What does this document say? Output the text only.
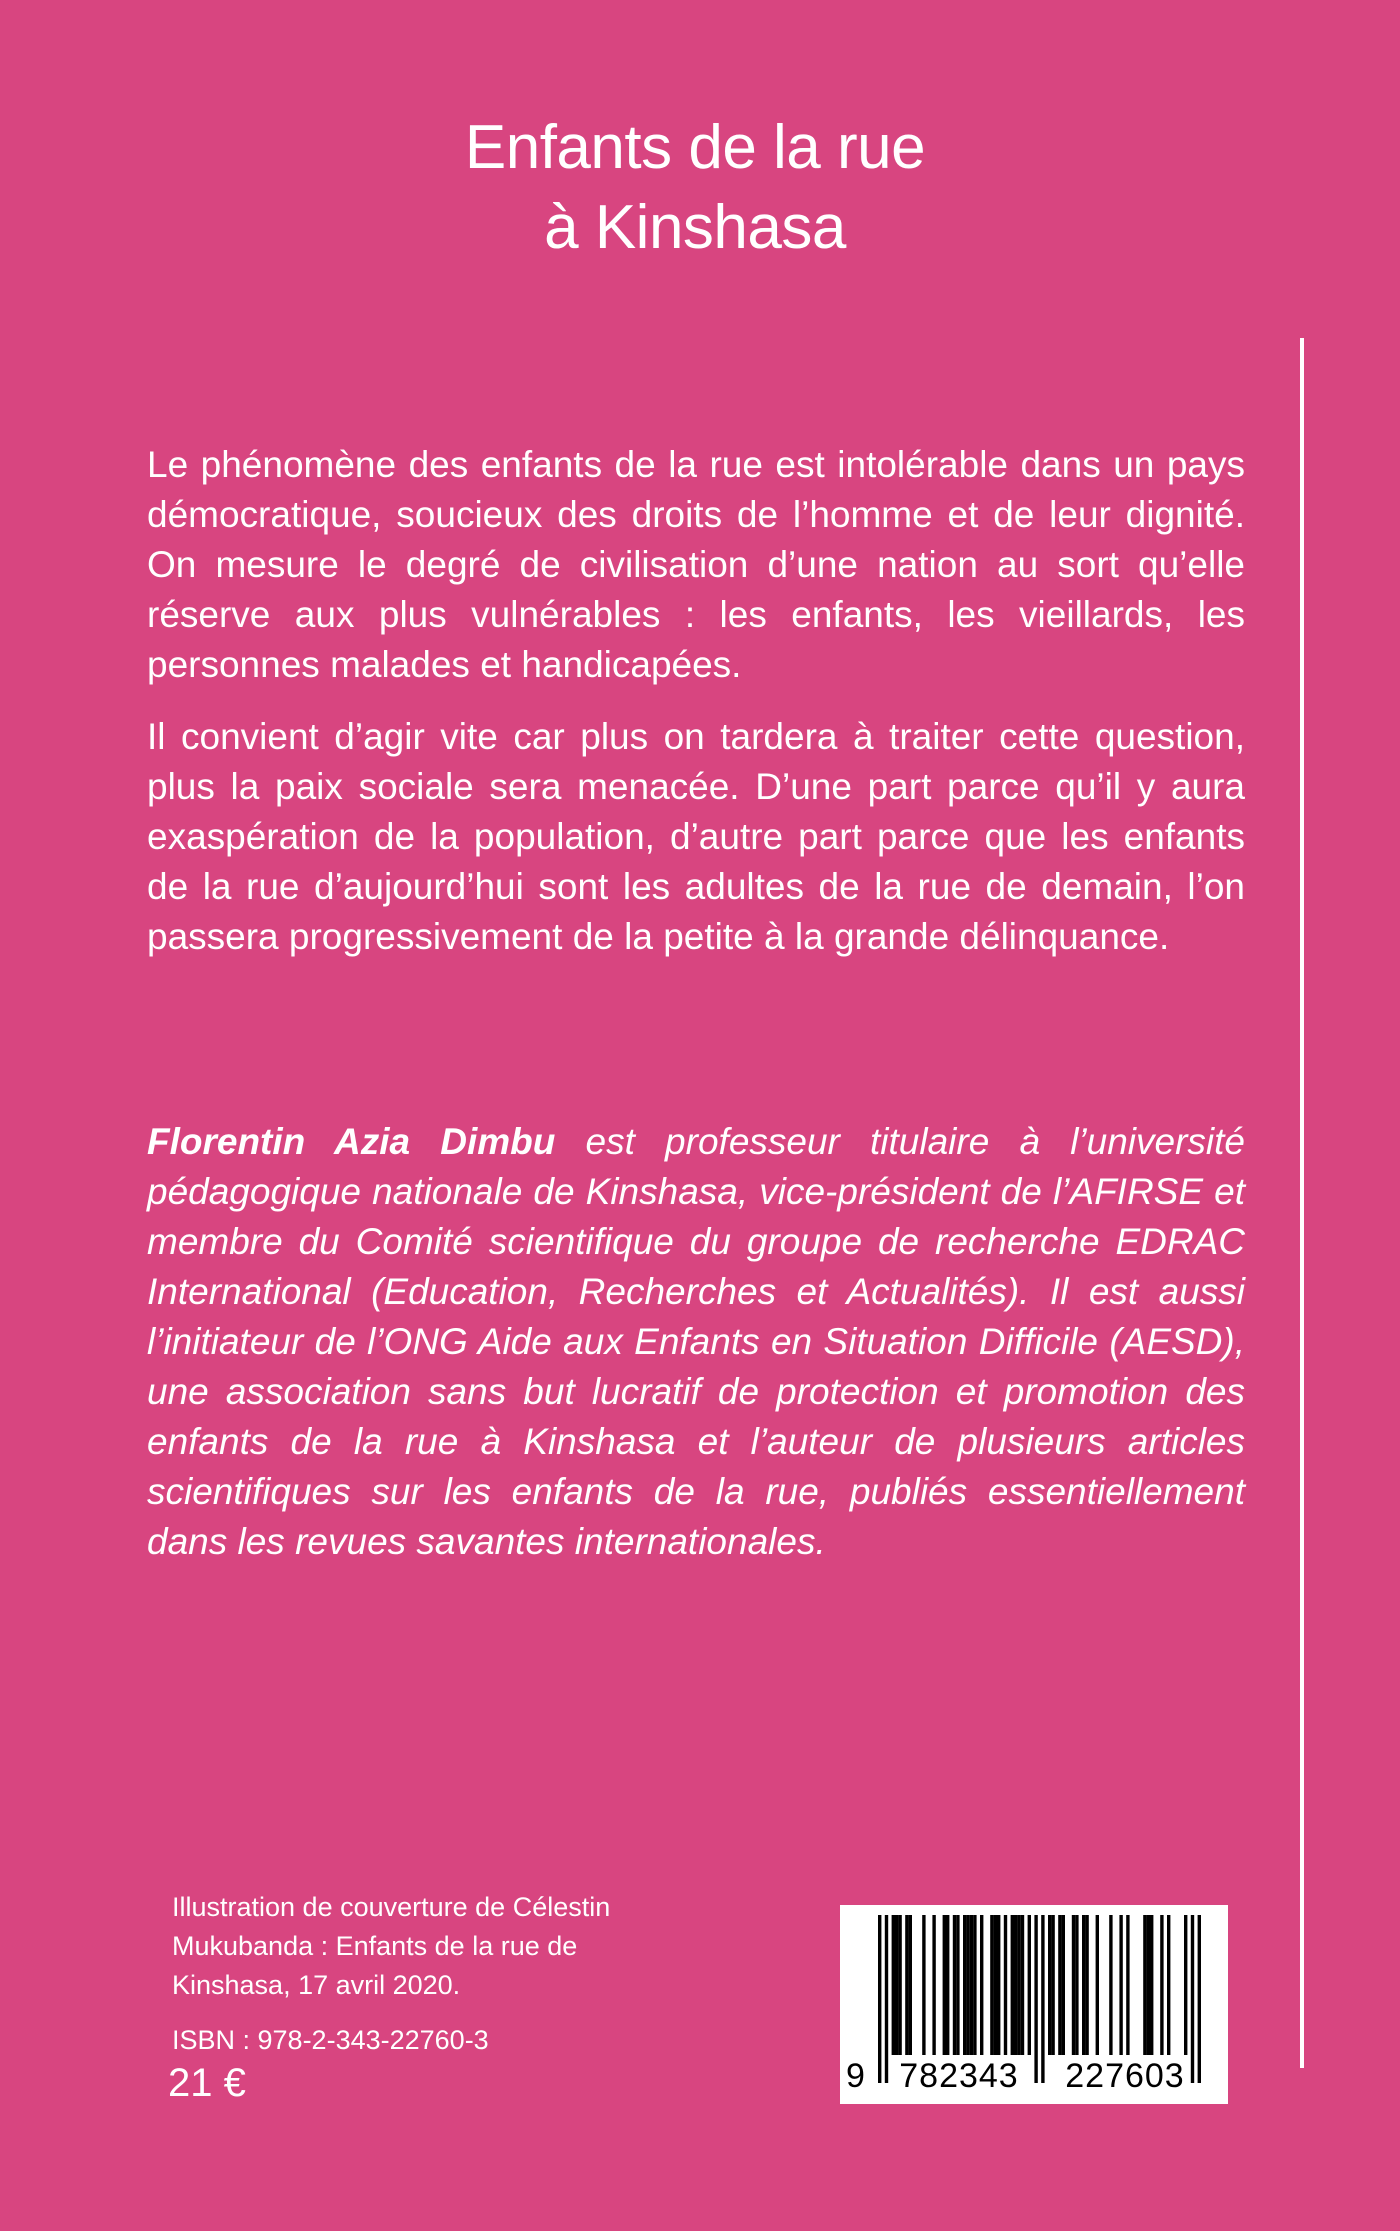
Enfants de la rue
à Kinshasa

Le phénomène des enfants de la rue est intolérable dans un pays démocratique, soucieux des droits de l’homme et de leur dignité. On mesure le degré de civilisation d’une nation au sort qu’elle réserve aux plus vulnérables : les enfants, les vieillards, les personnes malades et handicapées.

Il convient d’agir vite car plus on tardera à traiter cette question, plus la paix sociale sera menacée. D’une part parce qu’il y aura exaspération de la population, d’autre part parce que les enfants de la rue d’aujourd’hui sont les adultes de la rue de demain, l’on passera progressivement de la petite à la grande délinquance.

Florentin Azia Dimbu est professeur titulaire à l’université pédagogique nationale de Kinshasa, vice-président de l’AFIRSE et membre du Comité scientifique du groupe de recherche EDRAC International (Education, Recherches et Actualités). Il est aussi l’initiateur de l’ONG Aide aux Enfants en Situation Difficile (AESD), une association sans but lucratif de protection et promotion des enfants de la rue à Kinshasa et l’auteur de plusieurs articles scientifiques sur les enfants de la rue, publiés essentiellement dans les revues savantes internationales.

Illustration de couverture de Célestin Mukubanda : Enfants de la rue de Kinshasa, 17 avril 2020.

ISBN : 978-2-343-22760-3
21 €	9	782343	227603
